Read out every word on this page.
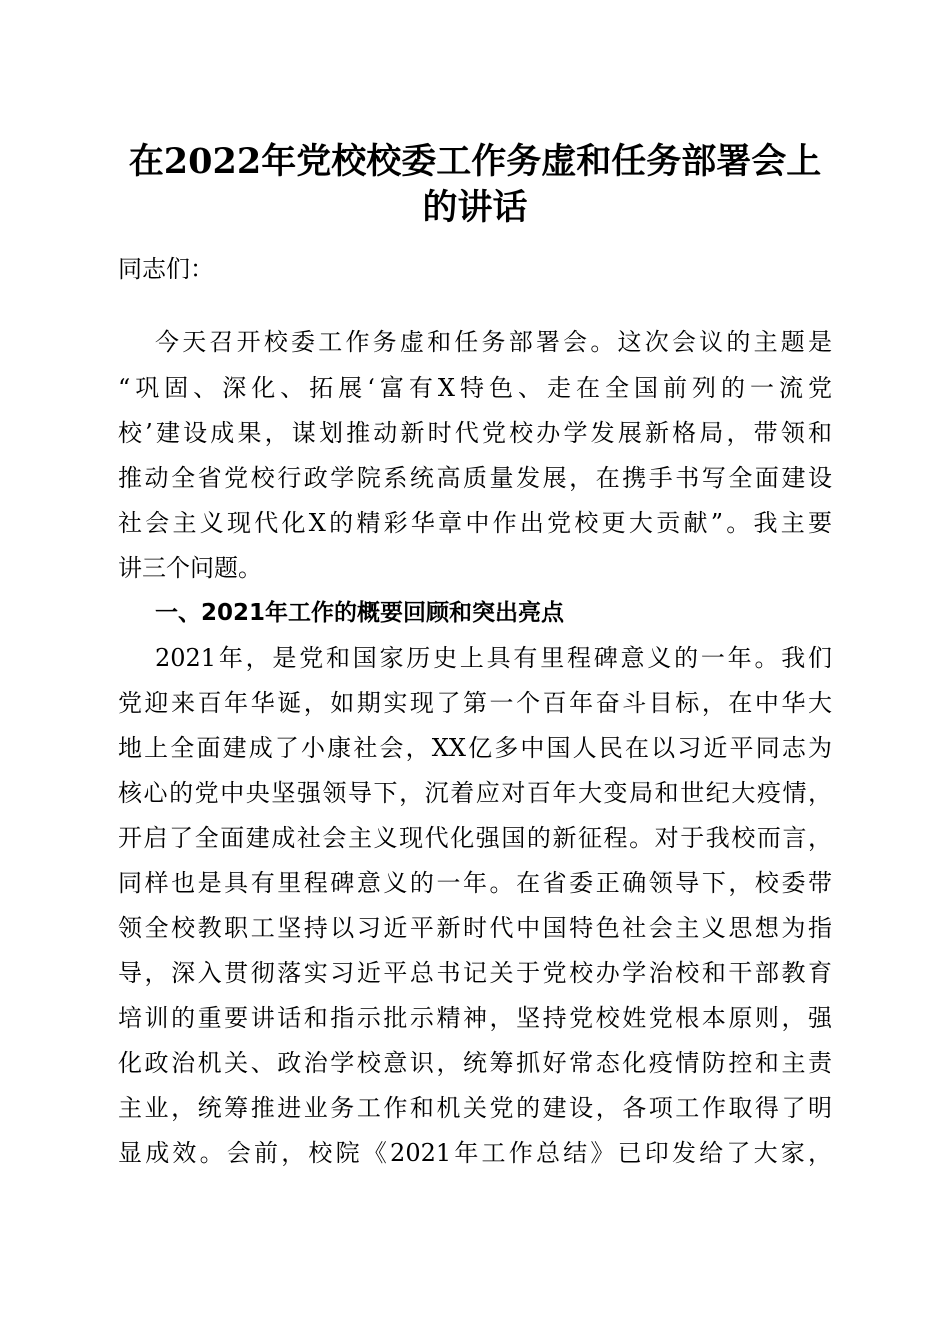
在2022年党校校委工作务虚和任务部署会上
的讲话
同志们：
今天召开校委工作务虚和任务部署会。这次会议的主题是
“巩固、深化、拓展‘富有X特色、走在全国前列的一流党
校’建设成果，谋划推动新时代党校办学发展新格局，带领和
推动全省党校行政学院系统高质量发展，在携手书写全面建设
社会主义现代化X的精彩华章中作出党校更大贡献”。我主要
讲三个问题。
一、2021年工作的概要回顾和突出亮点
2021年，是党和国家历史上具有里程碑意义的一年。我们
党迎来百年华诞，如期实现了第一个百年奋斗目标，在中华大
地上全面建成了小康社会，XX亿多中国人民在以习近平同志为
核心的党中央坚强领导下，沉着应对百年大变局和世纪大疫情，
开启了全面建成社会主义现代化强国的新征程。对于我校而言，
同样也是具有里程碑意义的一年。在省委正确领导下，校委带
领全校教职工坚持以习近平新时代中国特色社会主义思想为指
导，深入贯彻落实习近平总书记关于党校办学治校和干部教育
培训的重要讲话和指示批示精神，坚持党校姓党根本原则，强
化政治机关、政治学校意识，统筹抓好常态化疫情防控和主责
主业，统筹推进业务工作和机关党的建设，各项工作取得了明
显成效。会前，校院《2021年工作总结》已印发给了大家，
